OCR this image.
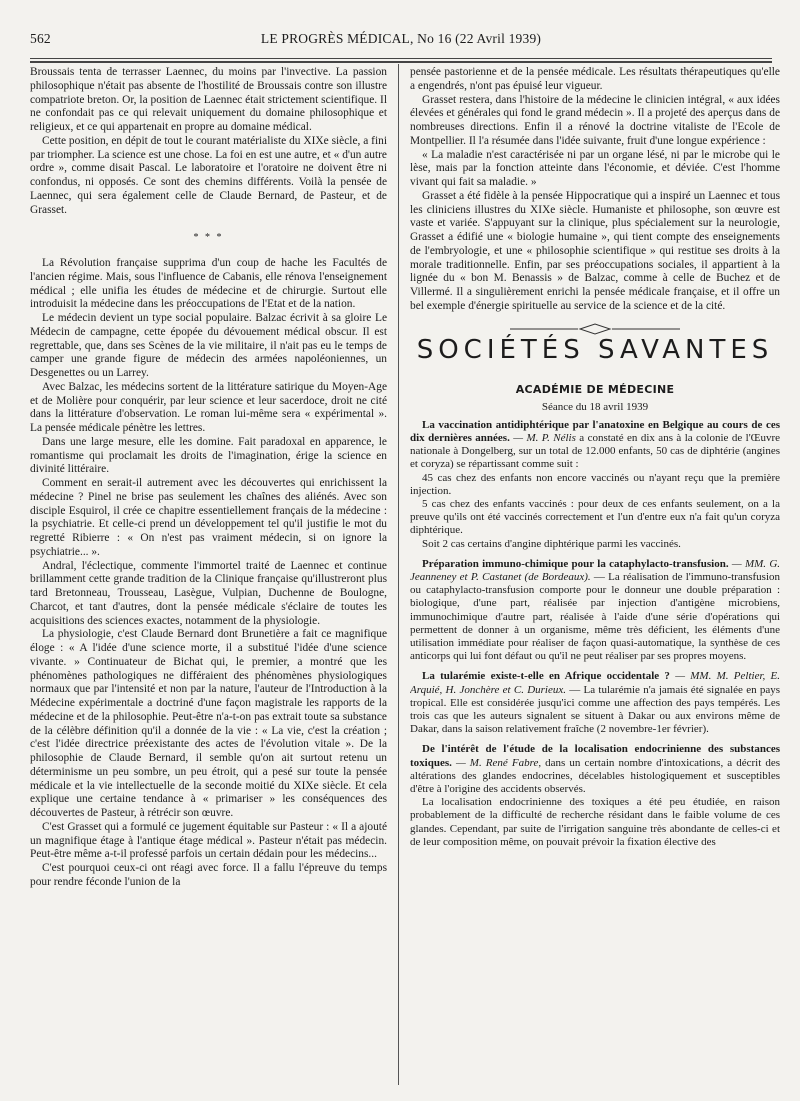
562	LE PROGRÈS MÉDICAL, No 16 (22 Avril 1939)

Broussais tenta de terrasser Laennec, du moins par l'invective. La passion philosophique n'était pas absente de l'hostilité de Broussais contre son illustre compatriote breton. Or, la position de Laennec était strictement scientifique. Il ne confondait pas ce qui relevait uniquement du domaine philosophique et religieux, et ce qui appartenait en propre au domaine médical.

Cette position, en dépit de tout le courant matérialiste du XIXe siècle, a fini par triompher. La science est une chose. La foi en est une autre, et « d'un autre ordre », comme disait Pascal. Le laboratoire et l'oratoire ne doivent être ni confondus, ni opposés. Ce sont des chemins différents. Voilà la pensée de Laennec, qui sera également celle de Claude Bernard, de Pasteur, et de Grasset.

* * *

La Révolution française supprima d'un coup de hache les Facultés de l'ancien régime. Mais, sous l'influence de Cabanis, elle rénova l'enseignement médical ; elle unifia les études de médecine et de chirurgie. Surtout elle introduisit la médecine dans les préoccupations de l'Etat et de la nation.

Le médecin devient un type social populaire. Balzac écrivit à sa gloire Le Médecin de campagne, cette épopée du dévouement médical obscur. Il est regrettable, que, dans ses Scènes de la vie militaire, il n'ait pas eu le temps de camper une grande figure de médecin des armées napoléoniennes, un Desgenettes ou un Larrey.

Avec Balzac, les médecins sortent de la littérature satirique du Moyen-Age et de Molière pour conquérir, par leur science et leur sacerdoce, droit ne cité dans la littérature d'observation. Le roman lui-même sera « expérimental ». La pensée médicale pénètre les lettres.

Dans une large mesure, elle les domine. Fait paradoxal en apparence, le romantisme qui proclamait les droits de l'imagination, érige la science en divinité littéraire.

Comment en serait-il autrement avec les découvertes qui enrichissent la médecine ? Pinel ne brise pas seulement les chaînes des aliénés. Avec son disciple Esquirol, il crée ce chapitre essentiellement français de la médecine : la psychiatrie. Et celle-ci prend un développement tel qu'il justifie le mot du regretté Ribierre : « On n'est pas vraiment médecin, si on ignore la psychiatrie... ».

Andral, l'éclectique, commente l'immortel traité de Laennec et continue brillamment cette grande tradition de la Clinique française qu'illustreront plus tard Bretonneau, Trousseau, Lasègue, Vulpian, Duchenne de Boulogne, Charcot, et tant d'autres, dont la pensée médicale s'éclaire de toutes les acquisitions des sciences exactes, notamment de la physiologie.

La physiologie, c'est Claude Bernard dont Brunetière a fait ce magnifique éloge : « A l'idée d'une science morte, il a substitué l'idée d'une science vivante. » Continuateur de Bichat qui, le premier, a montré que les phénomènes pathologiques ne différaient des phénomènes physiologiques normaux que par l'intensité et non par la nature, l'auteur de l'Introduction à la Médecine expérimentale a doctriné d'une façon magistrale les rapports de la médecine et de la philosophie. Peut-être n'a-t-on pas extrait toute sa substance de la célèbre définition qu'il a donnée de la vie : « La vie, c'est la création ; c'est l'idée directrice préexistante des actes de l'évolution vitale ». De la philosophie de Claude Bernard, il semble qu'on ait surtout retenu un déterminisme un peu sombre, un peu étroit, qui a pesé sur toute la pensée médicale et la vie intellectuelle de la seconde moitié du XIXe siècle. Et cela explique une certaine tendance à « primariser » les conséquences des découvertes de Pasteur, à rétrécir son œuvre.

C'est Grasset qui a formulé ce jugement équitable sur Pasteur : « Il a ajouté un magnifique étage à l'antique étage médical ». Pasteur n'était pas médecin. Peut-être même a-t-il professé parfois un certain dédain pour les médecins...

C'est pourquoi ceux-ci ont réagi avec force. Il a fallu l'épreuve du temps pour rendre féconde l'union de la

pensée pastorienne et de la pensée médicale. Les résultats thérapeutiques qu'elle a engendrés, n'ont pas épuisé leur vigueur.

Grasset restera, dans l'histoire de la médecine le clinicien intégral, « aux idées élevées et générales qui fond le grand médecin ». Il a projeté des aperçus dans de nombreuses directions. Enfin il a rénové la doctrine vitaliste de l'Ecole de Montpellier. Il l'a résumée dans l'idée suivante, fruit d'une longue expérience :

« La maladie n'est caractérisée ni par un organe lésé, ni par le microbe qui le lèse, mais par la fonction atteinte dans l'économie, et déviée. C'est l'homme vivant qui fait sa maladie. »

Grasset a été fidèle à la pensée Hippocratique qui a inspiré un Laennec et tous les cliniciens illustres du XIXe siècle. Humaniste et philosophe, son œuvre est vaste et variée. S'appuyant sur la clinique, plus spécialement sur la neurologie, Grasset a édifié une « biologie humaine », qui tient compte des enseignements de l'embryologie, et une « philosophie scientifique » qui restitue ses droits à la morale traditionnelle. Enfin, par ses préoccupations sociales, il appartient à la lignée du « bon M. Benassis » de Balzac, comme à celle de Buchez et de Villermé. Il a singulièrement enrichi la pensée médicale française, et il offre un bel exemple d'énergie spirituelle au service de la science et de la cité.

SOCIÉTÉS SAVANTES
ACADÉMIE DE MÉDECINE
Séance du 18 avril 1939

La vaccination antidiphtérique par l'anatoxine en Belgique au cours de ces dix dernières années. — M. P. Nélis a constaté en dix ans à la colonie de l'Œuvre nationale à Dongelberg, sur un total de 12.000 enfants, 50 cas de diphtérie (angines et coryza) se répartissant comme suit :

45 cas chez des enfants non encore vaccinés ou n'ayant reçu que la première injection.

5 cas chez des enfants vaccinés : pour deux de ces enfants seulement, on a la preuve qu'ils ont été vaccinés correctement et l'un d'entre eux n'a fait qu'un coryza diphtérique.

Soit 2 cas certains d'angine diphtérique parmi les vaccinés.

Préparation immuno-chimique pour la cataphylacto-transfusion. — MM. G. Jeanneney et P. Castanet (de Bordeaux). — La réalisation de l'immuno-transfusion ou cataphylacto-transfusion comporte pour le donneur une double préparation : biologique, d'une part, réalisée par injection d'antigène microbiens, immunochimique d'autre part, réalisée à l'aide d'une série d'opérations qui permettent de donner à un organisme, même très déficient, les éléments d'une utilisation immédiate pour réaliser de façon quasi-automatique, la synthèse de ces anticorps qui lui font défaut ou qu'il ne peut réaliser par ses propres moyens.

La tularémie existe-t-elle en Afrique occidentale ? — MM. M. Peltier, E. Arquié, H. Jonchère et C. Durieux. — La tularémie n'a jamais été signalée en pays tropical. Elle est considérée jusqu'ici comme une affection des pays tempérés. Les trois cas que les auteurs signalent se situent à Dakar ou aux environs même de Dakar, dans la saison relativement fraîche (2 novembre-1er février).

De l'intérêt de l'étude de la localisation endocrinienne des substances toxiques. — M. René Fabre, dans un certain nombre d'intoxications, a décrit des altérations des glandes endocrines, décelables histologiquement et susceptibles d'être à l'origine des accidents observés.

La localisation endocrinienne des toxiques a été peu étudiée, en raison probablement de la difficulté de recherche résidant dans le faible volume de ces glandes. Cependant, par suite de l'irrigation sanguine très abondante de celles-ci et de leur composition même, on pouvait prévoir la fixation élective des
